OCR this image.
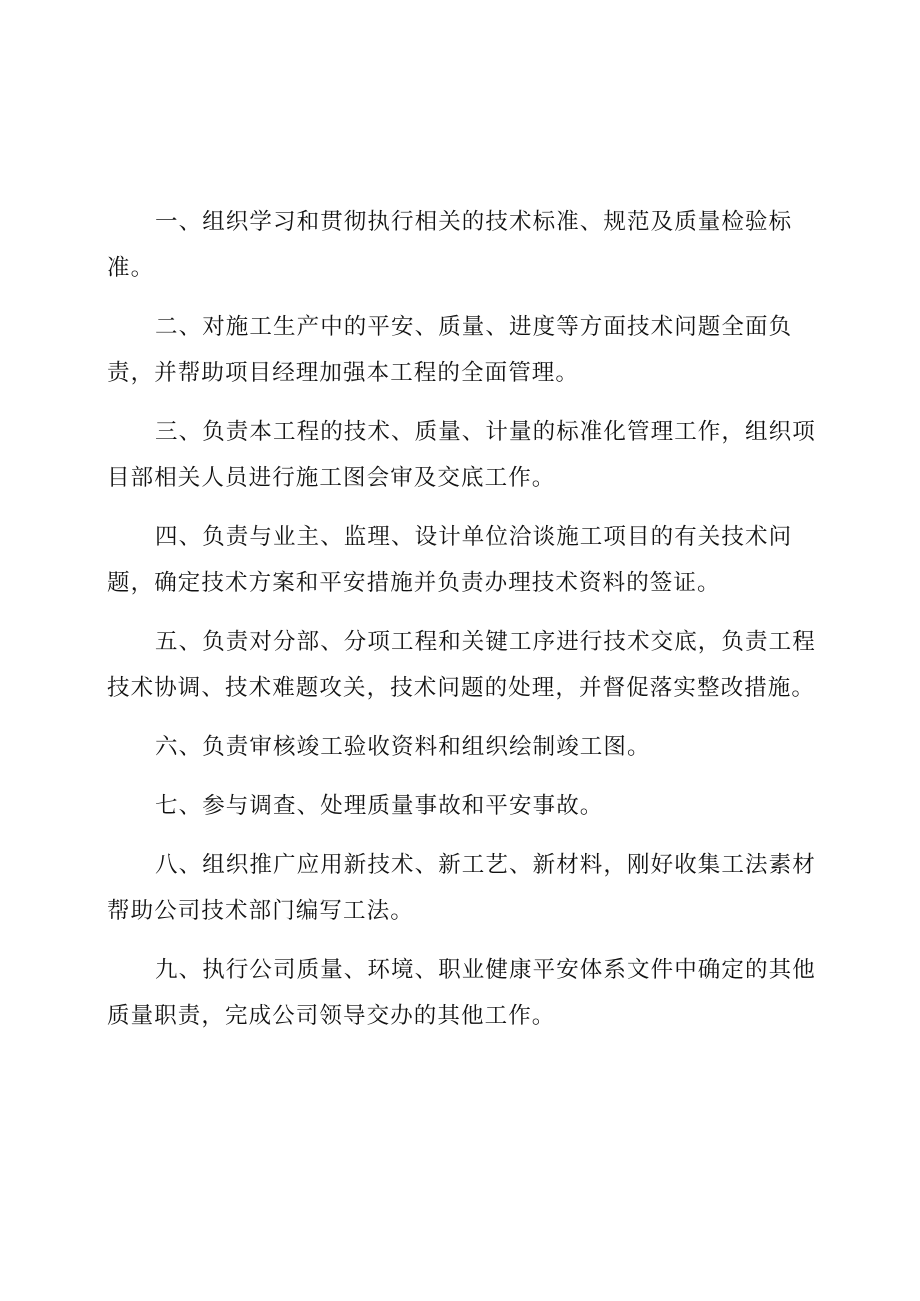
一、组织学习和贯彻执行相关的技术标准、规范及质量检验标准。

二、对施工生产中的平安、质量、进度等方面技术问题全面负责，并帮助项目经理加强本工程的全面管理。

三、负责本工程的技术、质量、计量的标准化管理工作，组织项目部相关人员进行施工图会审及交底工作。

四、负责与业主、监理、设计单位洽谈施工项目的有关技术问题，确定技术方案和平安措施并负责办理技术资料的签证。

五、负责对分部、分项工程和关键工序进行技术交底，负责工程技术协调、技术难题攻关，技术问题的处理，并督促落实整改措施。

六、负责审核竣工验收资料和组织绘制竣工图。

七、参与调查、处理质量事故和平安事故。

八、组织推广应用新技术、新工艺、新材料，刚好收集工法素材帮助公司技术部门编写工法。

九、执行公司质量、环境、职业健康平安体系文件中确定的其他质量职责，完成公司领导交办的其他工作。
